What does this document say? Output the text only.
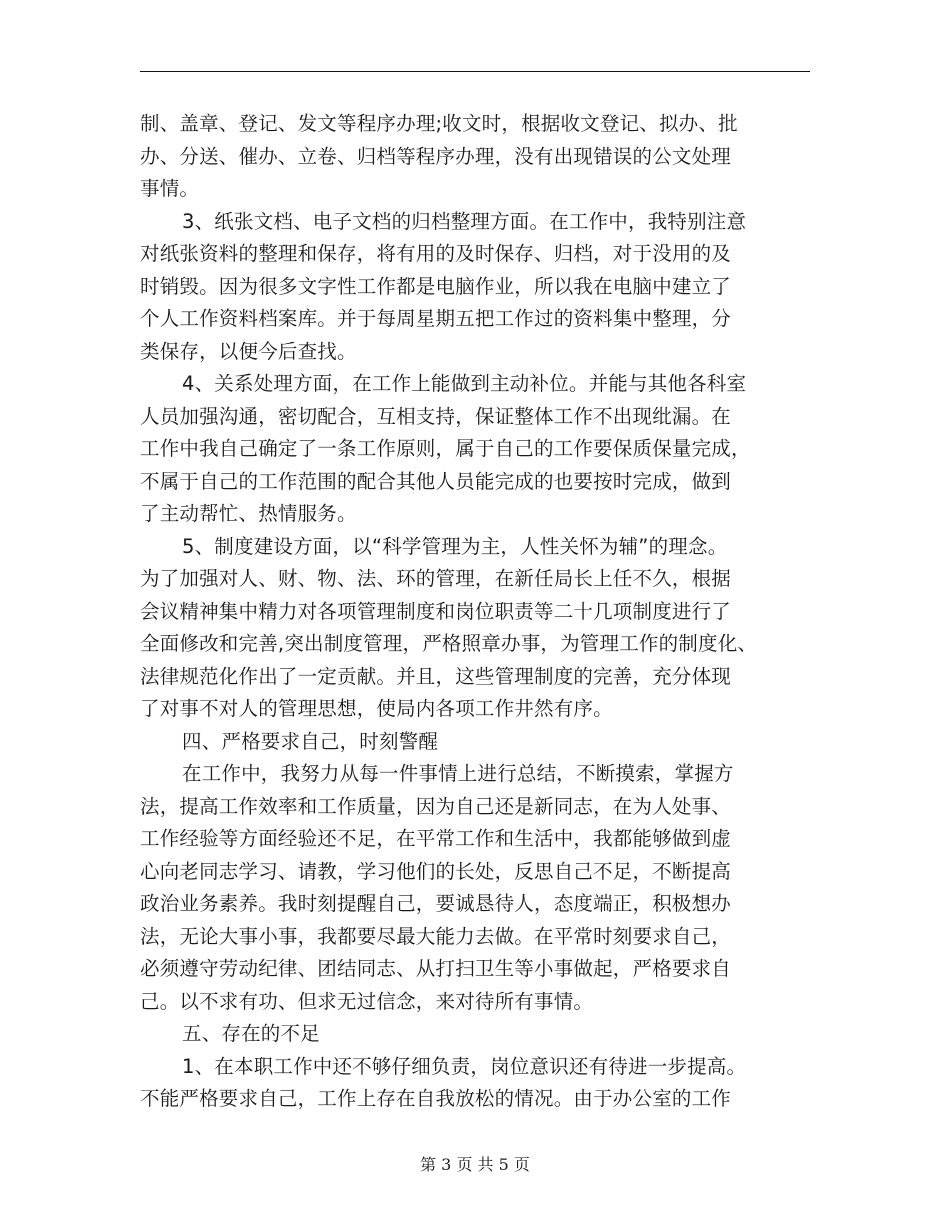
制、盖章、登记、发文等程序办理;收文时，根据收文登记、拟办、批
办、分送、催办、立卷、归档等程序办理，没有出现错误的公文处理
事情。
3、纸张文档、电子文档的归档整理方面。在工作中，我特别注意
对纸张资料的整理和保存，将有用的及时保存、归档，对于没用的及
时销毁。因为很多文字性工作都是电脑作业，所以我在电脑中建立了
个人工作资料档案库。并于每周星期五把工作过的资料集中整理，分
类保存，以便今后查找。
4、关系处理方面，在工作上能做到主动补位。并能与其他各科室
人员加强沟通，密切配合，互相支持，保证整体工作不出现纰漏。在
工作中我自己确定了一条工作原则，属于自己的工作要保质保量完成，
不属于自己的工作范围的配合其他人员能完成的也要按时完成，做到
了主动帮忙、热情服务。
5、制度建设方面，以“科学管理为主，人性关怀为辅”的理念。
为了加强对人、财、物、法、环的管理，在新任局长上任不久，根据
会议精神集中精力对各项管理制度和岗位职责等二十几项制度进行了
全面修改和完善,突出制度管理，严格照章办事，为管理工作的制度化、
法律规范化作出了一定贡献。并且，这些管理制度的完善，充分体现
了对事不对人的管理思想，使局内各项工作井然有序。
四、严格要求自己，时刻警醒
在工作中，我努力从每一件事情上进行总结，不断摸索，掌握方
法，提高工作效率和工作质量，因为自己还是新同志，在为人处事、
工作经验等方面经验还不足，在平常工作和生活中，我都能够做到虚
心向老同志学习、请教，学习他们的长处，反思自己不足，不断提高
政治业务素养。我时刻提醒自己，要诚恳待人，态度端正，积极想办
法，无论大事小事，我都要尽最大能力去做。在平常时刻要求自己，
必须遵守劳动纪律、团结同志、从打扫卫生等小事做起，严格要求自
己。以不求有功、但求无过信念，来对待所有事情。
五、存在的不足
1、在本职工作中还不够仔细负责，岗位意识还有待进一步提高。
不能严格要求自己，工作上存在自我放松的情况。由于办公室的工作
第 3 页 共 5 页
